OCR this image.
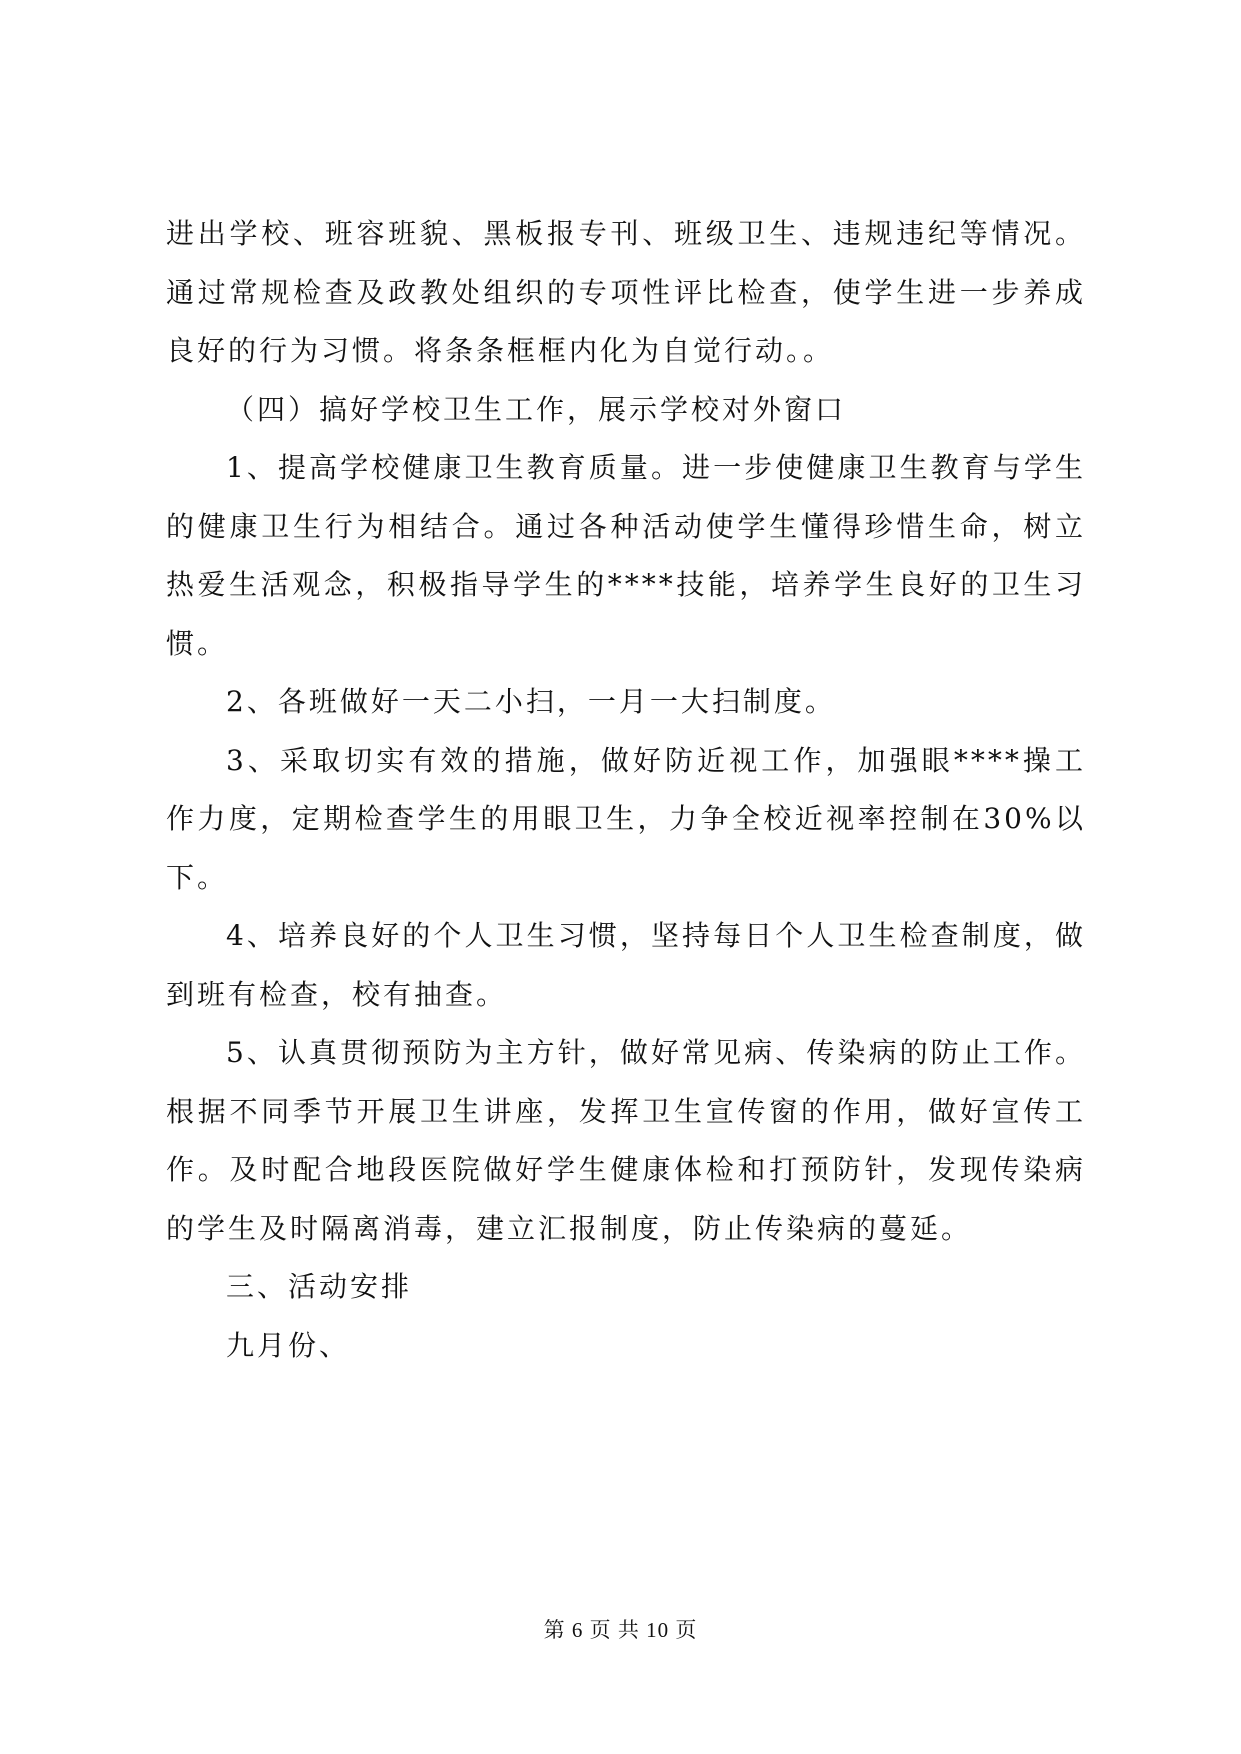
进出学校、班容班貌、黑板报专刊、班级卫生、违规违纪等情况。通过常规检查及政教处组织的专项性评比检查，使学生进一步养成良好的行为习惯。将条条框框内化为自觉行动。。

（四）搞好学校卫生工作，展示学校对外窗口

1、提高学校健康卫生教育质量。进一步使健康卫生教育与学生的健康卫生行为相结合。通过各种活动使学生懂得珍惜生命，树立热爱生活观念，积极指导学生的****技能，培养学生良好的卫生习惯。

2、各班做好一天二小扫，一月一大扫制度。

3、采取切实有效的措施，做好防近视工作，加强眼****操工作力度，定期检查学生的用眼卫生，力争全校近视率控制在30%以下。

4、培养良好的个人卫生习惯，坚持每日个人卫生检查制度，做到班有检查，校有抽查。

5、认真贯彻预防为主方针，做好常见病、传染病的防止工作。根据不同季节开展卫生讲座，发挥卫生宣传窗的作用，做好宣传工作。及时配合地段医院做好学生健康体检和打预防针，发现传染病的学生及时隔离消毒，建立汇报制度，防止传染病的蔓延。

三、活动安排

九月份、

第 6 页 共 10 页
